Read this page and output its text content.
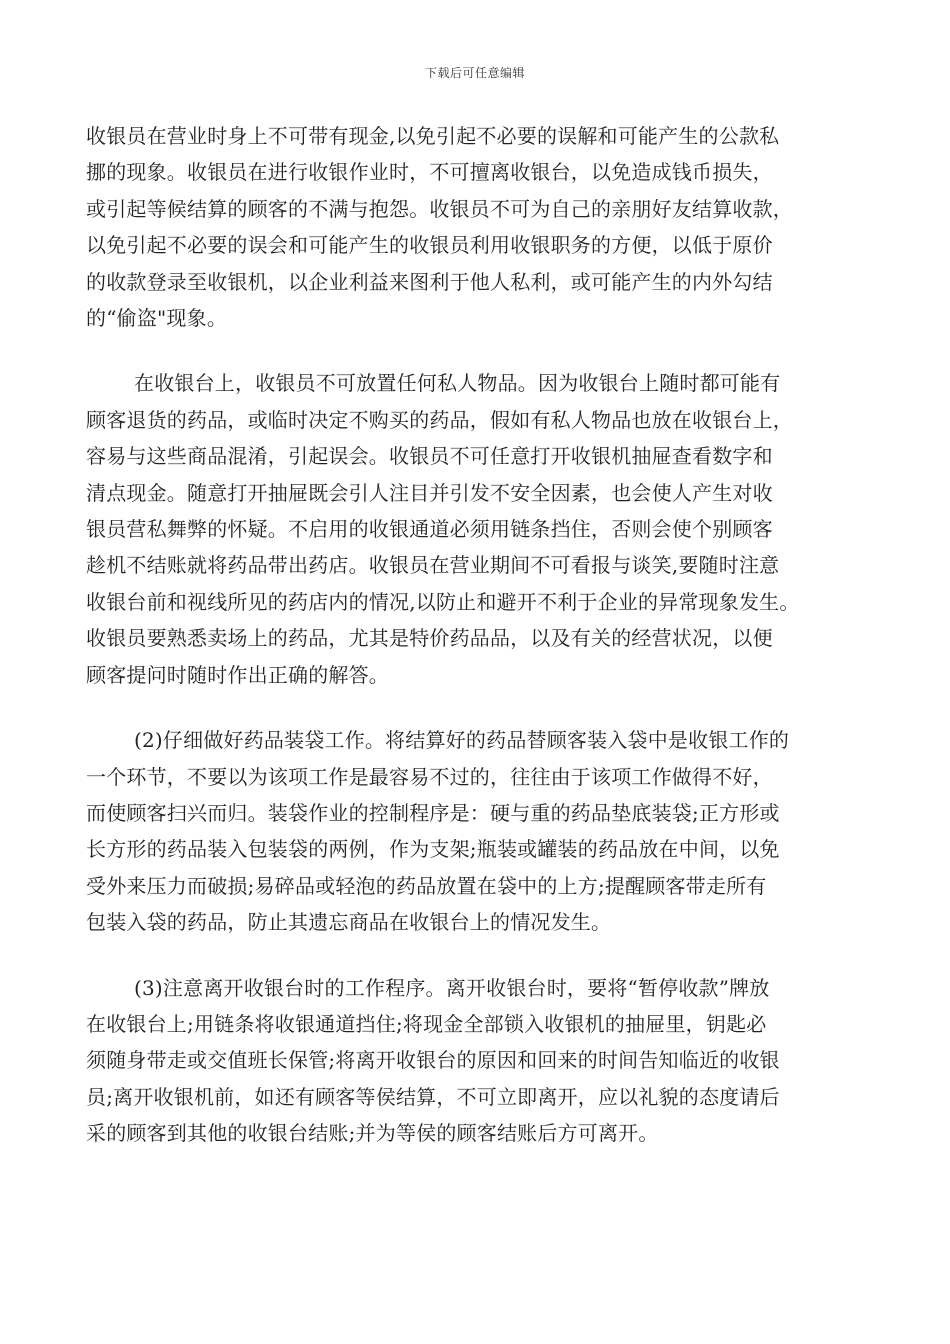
下载后可任意编辑
收银员在营业时身上不可带有现金,以免引起不必要的误解和可能产生的公款私
挪的现象。收银员在进行收银作业时，不可擅离收银台，以免造成钱币损失，
或引起等候结算的顾客的不满与抱怨。收银员不可为自己的亲朋好友结算收款，
以免引起不必要的误会和可能产生的收银员利用收银职务的方便，以低于原价
的收款登录至收银机，以企业利益来图利于他人私利，或可能产生的内外勾结
的“偷盗"现象。
在收银台上，收银员不可放置任何私人物品。因为收银台上随时都可能有
顾客退货的药品，或临时决定不购买的药品，假如有私人物品也放在收银台上，
容易与这些商品混淆，引起误会。收银员不可任意打开收银机抽屉查看数字和
清点现金。随意打开抽屉既会引人注目并引发不安全因素，也会使人产生对收
银员营私舞弊的怀疑。不启用的收银通道必须用链条挡住，否则会使个别顾客
趁机不结账就将药品带出药店。收银员在营业期间不可看报与谈笑,要随时注意
收银台前和视线所见的药店内的情况,以防止和避开不利于企业的异常现象发生。
收银员要熟悉卖场上的药品，尤其是特价药品品，以及有关的经营状况，以便
顾客提问时随时作出正确的解答。
(2)仔细做好药品装袋工作。将结算好的药品替顾客装入袋中是收银工作的
一个环节，不要以为该项工作是最容易不过的，往往由于该项工作做得不好，
而使顾客扫兴而归。装袋作业的控制程序是：硬与重的药品垫底装袋;正方形或
长方形的药品装入包装袋的两例，作为支架;瓶装或罐装的药品放在中间，以免
受外来压力而破损;易碎品或轻泡的药品放置在袋中的上方;提醒顾客带走所有
包装入袋的药品，防止其遗忘商品在收银台上的情况发生。
(3)注意离开收银台时的工作程序。离开收银台时，要将“暂停收款”牌放
在收银台上;用链条将收银通道挡住;将现金全部锁入收银机的抽屉里，钥匙必
须随身带走或交值班长保管;将离开收银台的原因和回来的时间告知临近的收银
员;离开收银机前，如还有顾客等侯结算，不可立即离开，应以礼貌的态度请后
采的顾客到其他的收银台结账;并为等侯的顾客结账后方可离开。
